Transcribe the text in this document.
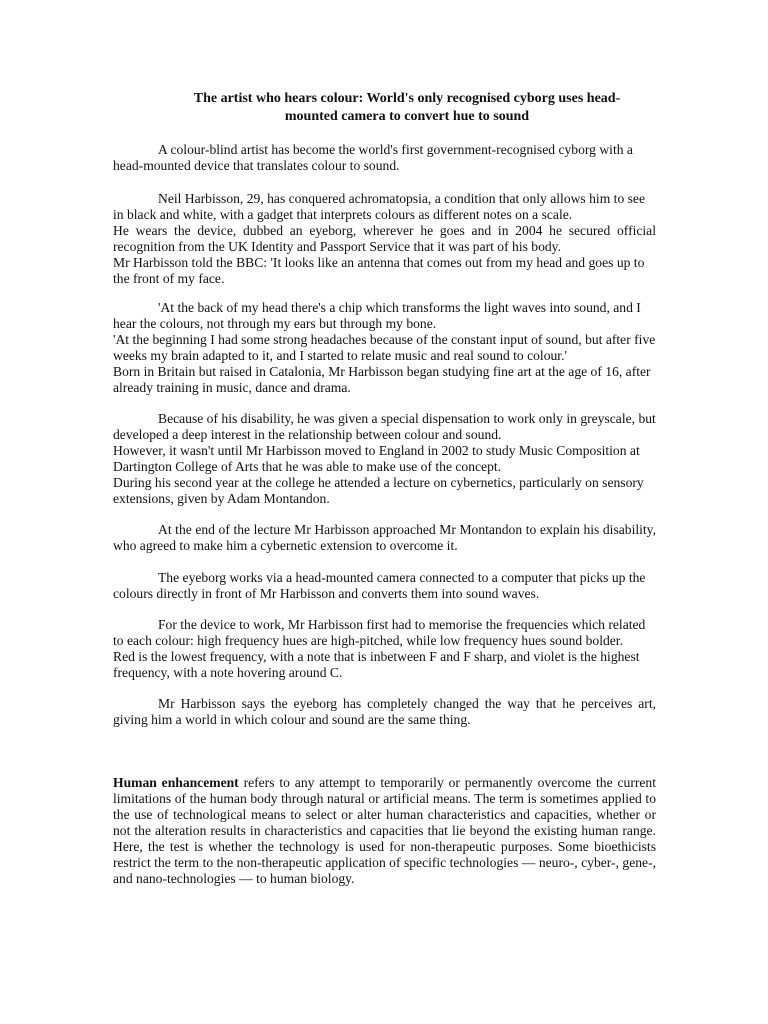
The artist who hears colour: World's only recognised cyborg uses head-mounted camera to convert hue to sound

A colour-blind artist has become the world's first government-recognised cyborg with a head-mounted device that translates colour to sound.

Neil Harbisson, 29, has conquered achromatopsia, a condition that only allows him to see in black and white, with a gadget that interprets colours as different notes on a scale.

He wears the device, dubbed an eyeborg, wherever he goes and in 2004 he secured official recognition from the UK Identity and Passport Service that it was part of his body.

Mr Harbisson told the BBC: 'It looks like an antenna that comes out from my head and goes up to the front of my face.

'At the back of my head there's a chip which transforms the light waves into sound, and I hear the colours, not through my ears but through my bone.

'At the beginning I had some strong headaches because of the constant input of sound, but after five weeks my brain adapted to it, and I started to relate music and real sound to colour.'

Born in Britain but raised in Catalonia, Mr Harbisson began studying fine art at the age of 16, after already training in music, dance and drama.

Because of his disability, he was given a special dispensation to work only in greyscale, but developed a deep interest in the relationship between colour and sound.

However, it wasn't until Mr Harbisson moved to England in 2002 to study Music Composition at Dartington College of Arts that he was able to make use of the concept.

During his second year at the college he attended a lecture on cybernetics, particularly on sensory extensions, given by Adam Montandon.

At the end of the lecture Mr Harbisson approached Mr Montandon to explain his disability, who agreed to make him a cybernetic extension to overcome it.

The eyeborg works via a head-mounted camera connected to a computer that picks up the colours directly in front of Mr Harbisson and converts them into sound waves.

For the device to work, Mr Harbisson first had to memorise the frequencies which related to each colour: high frequency hues are high-pitched, while low frequency hues sound bolder.

Red is the lowest frequency, with a note that is inbetween F and F sharp, and violet is the highest frequency, with a note hovering around C.

Mr Harbisson says the eyeborg has completely changed the way that he perceives art, giving him a world in which colour and sound are the same thing.

Human enhancement refers to any attempt to temporarily or permanently overcome the current limitations of the human body through natural or artificial means. The term is sometimes applied to the use of technological means to select or alter human characteristics and capacities, whether or not the alteration results in characteristics and capacities that lie beyond the existing human range. Here, the test is whether the technology is used for non-therapeutic purposes. Some bioethicists restrict the term to the non-therapeutic application of specific technologies — neuro-, cyber-, gene-, and nano-technologies — to human biology.
